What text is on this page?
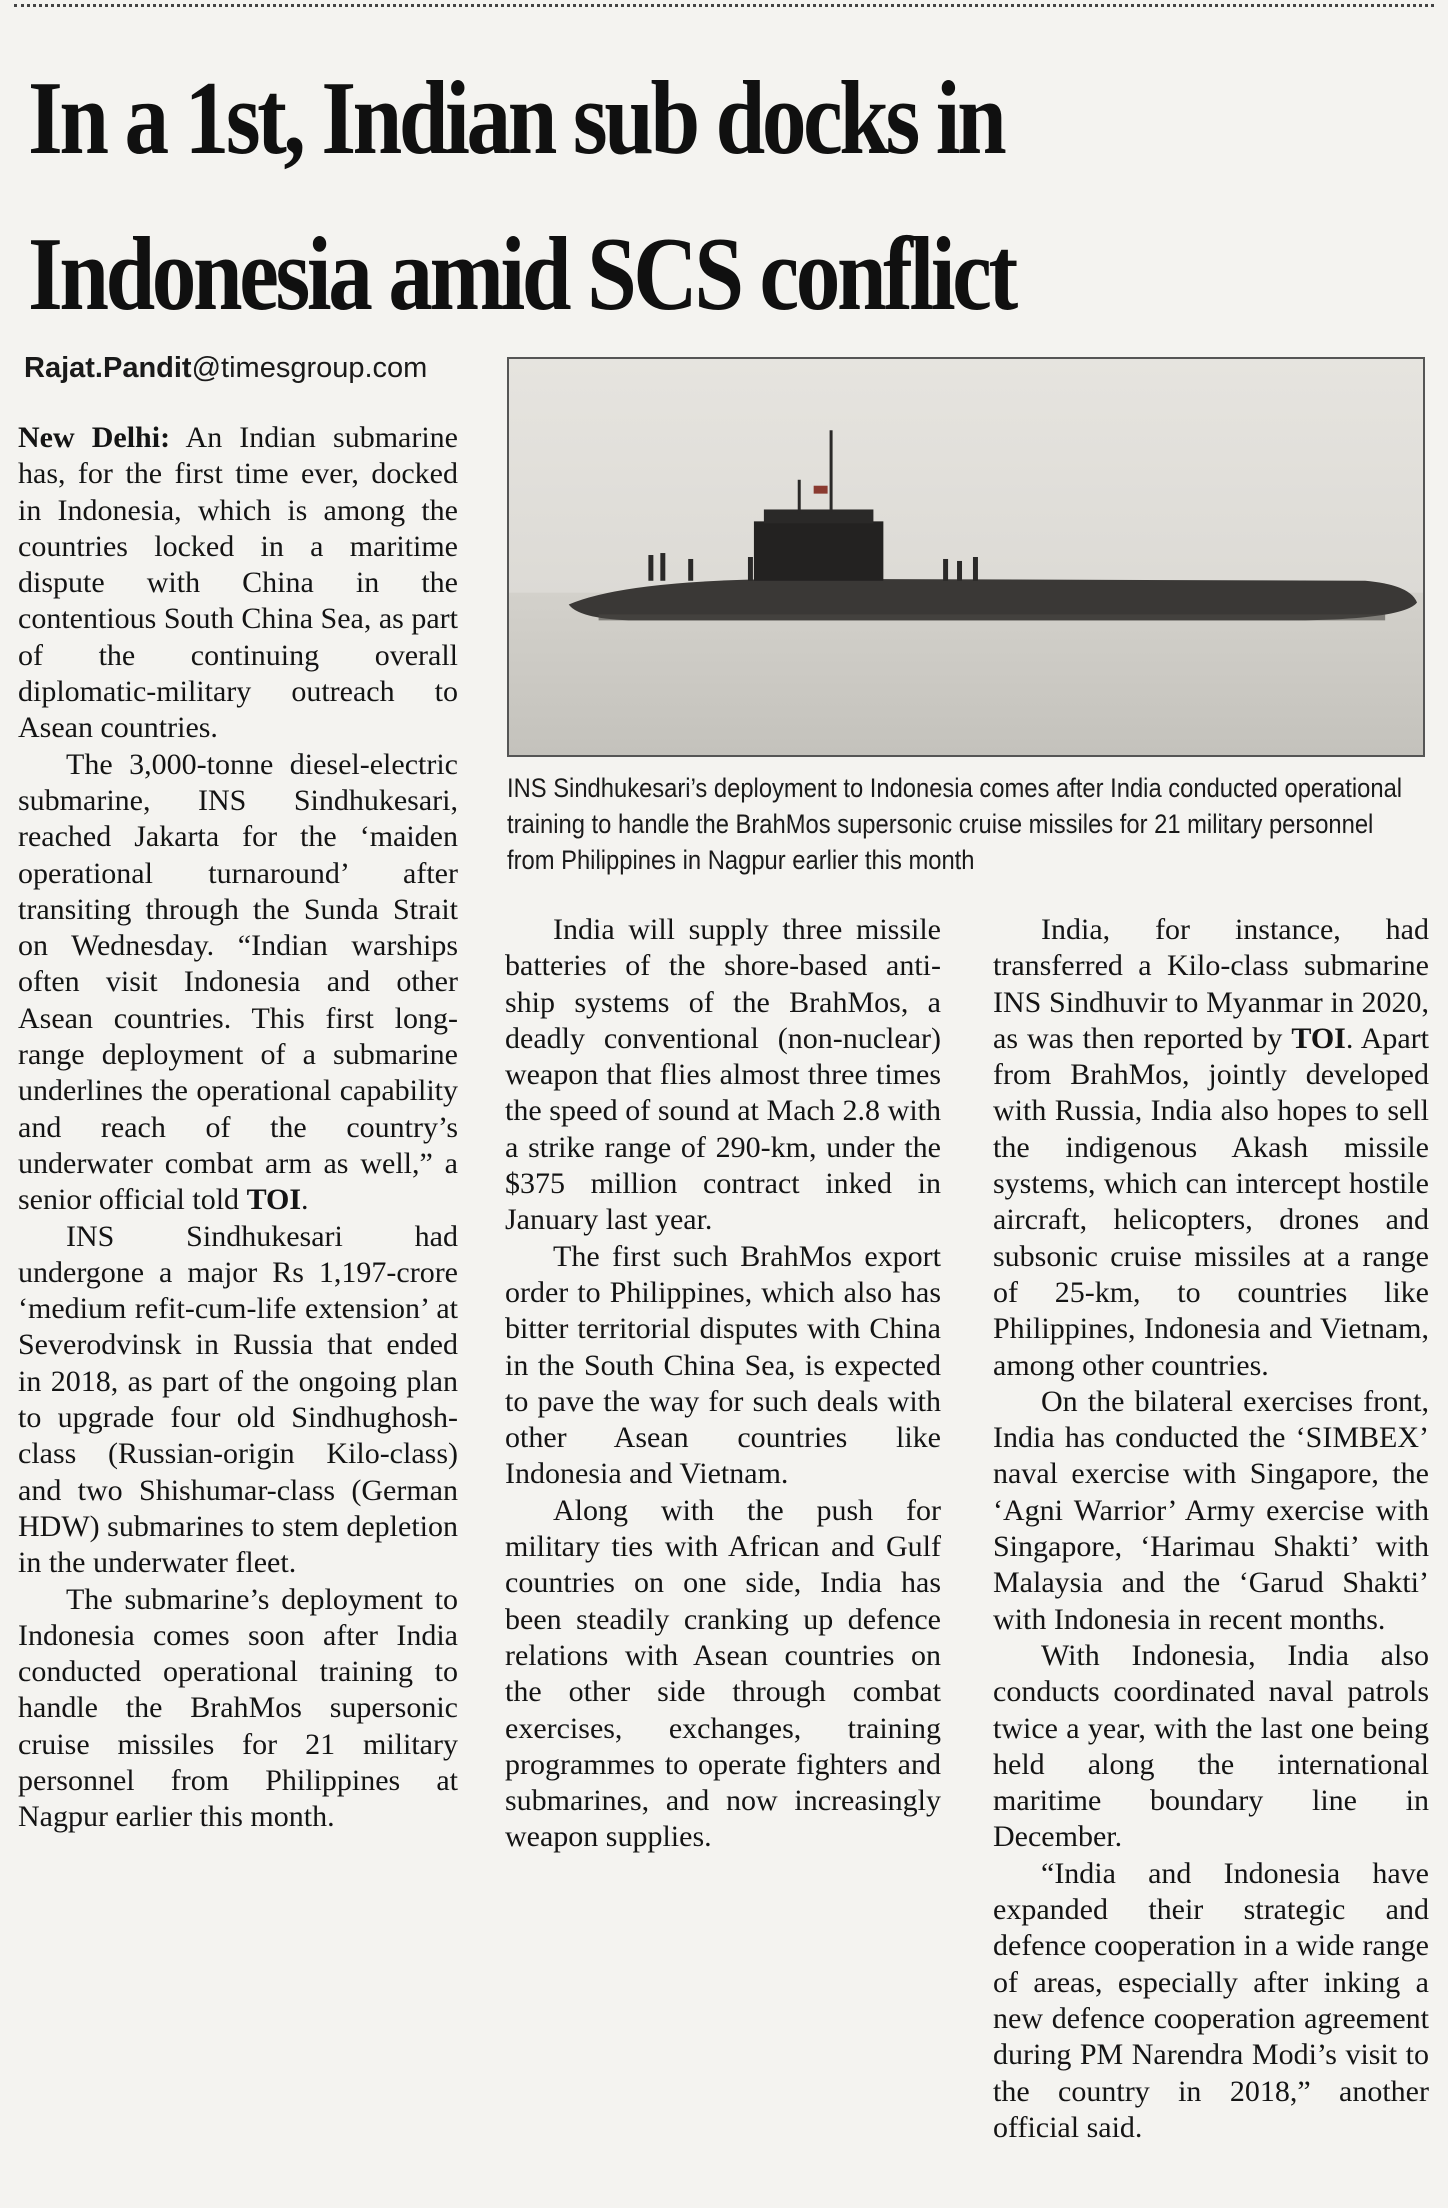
In a 1st, Indian sub docks in
Indonesia amid SCS conflict
Rajat.Pandit@timesgroup.com
INS Sindhukesari’s deployment to Indonesia comes after India conducted operational training to handle the BrahMos supersonic cruise missiles for 21 military personnel from Philippines in Nagpur earlier this month

New Delhi: An Indian submarine has, for the first time ever, docked in Indonesia, which is among the countries locked in a maritime dispute with China in the contentious South China Sea, as part of the continuing overall diplomatic-military outreach to Asean countries.

The 3,000-tonne diesel-electric submarine, INS Sindhukesari, reached Jakarta for the ‘maiden operational turnaround’ after transiting through the Sunda Strait on Wednesday. “Indian warships often visit Indonesia and other Asean countries. This first long-range deployment of a submarine underlines the operational capability and reach of the country’s underwater combat arm as well,” a senior official told TOI.

INS Sindhukesari had undergone a major Rs 1,197-crore ‘medium refit-cum-life extension’ at Severodvinsk in Russia that ended in 2018, as part of the ongoing plan to upgrade four old Sindhughosh-class (Russian-origin Kilo-class) and two Shishumar-class (German HDW) submarines to stem depletion in the underwater fleet.

The submarine’s deployment to Indonesia comes soon after India conducted operational training to handle the BrahMos supersonic cruise missiles for 21 military personnel from Philippines at Nagpur earlier this month.

India will supply three missile batteries of the shore-based anti-ship systems of the BrahMos, a deadly conventional (non-nuclear) weapon that flies almost three times the speed of sound at Mach 2.8 with a strike range of 290-km, under the $375 million contract inked in January last year.

The first such BrahMos export order to Philippines, which also has bitter territorial disputes with China in the South China Sea, is expected to pave the way for such deals with other Asean countries like Indonesia and Vietnam.

Along with the push for military ties with African and Gulf countries on one side, India has been steadily cranking up defence relations with Asean countries on the other side through combat exercises, exchanges, training programmes to operate fighters and submarines, and now increasingly weapon supplies.

India, for instance, had transferred a Kilo-class submarine INS Sindhuvir to Myanmar in 2020, as was then reported by TOI. Apart from BrahMos, jointly developed with Russia, India also hopes to sell the indigenous Akash missile systems, which can intercept hostile aircraft, helicopters, drones and subsonic cruise missiles at a range of 25-km, to countries like Philippines, Indonesia and Vietnam, among other countries.

On the bilateral exercises front, India has conducted the ‘SIMBEX’ naval exercise with Singapore, the ‘Agni Warrior’ Army exercise with Singapore, ‘Harimau Shakti’ with Malaysia and the ‘Garud Shakti’ with Indonesia in recent months.

With Indonesia, India also conducts coordinated naval patrols twice a year, with the last one being held along the international maritime boundary line in December.

“India and Indonesia have expanded their strategic and defence cooperation in a wide range of areas, especially after inking a new defence cooperation agreement during PM Narendra Modi’s visit to the country in 2018,” another official said.
